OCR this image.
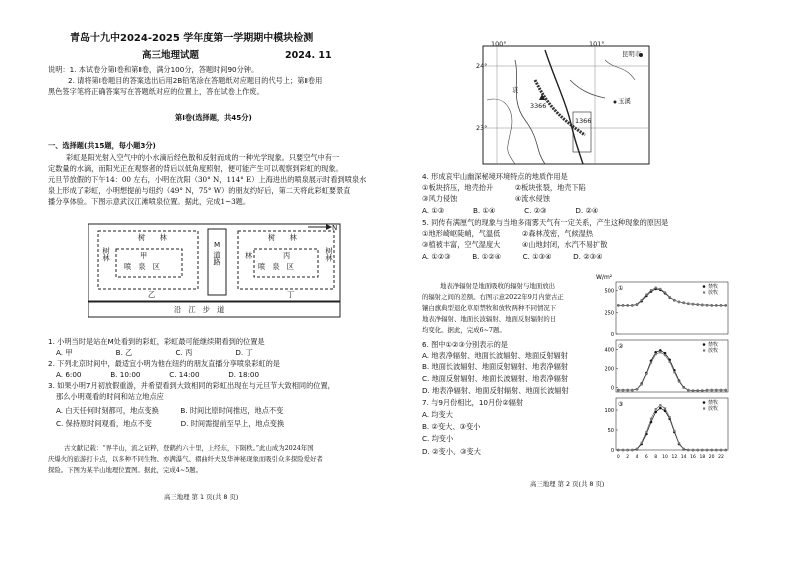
青岛十九中2024-2025 学年度第一学期期中模块检测
高三地理试题	2024. 11
说明：1. 本试卷分第Ⅰ卷和第Ⅱ卷，满分100分，答题时间90分钟。
2. 请将第Ⅰ卷题目的答案选出后用2B铅笔涂在答题纸对应题目的代号上；第Ⅱ卷用
黑色签字笔将正确答案写在答题纸对应的位置上，答在试卷上作废。
第Ⅰ卷(选择题，共45分)
一、选择题(共15题，每小题3分)
彩虹是阳光射入空气中的小水滴后经色散和反射而成的一种光学现象。只要空气中有一
定数量的水滴，而阳光正在观察者的背后以低角度照射，便可能产生可以观察到彩虹的现象。
元旦节放假的下午14：00 左右，小明在沈阳（30° N，114° E）上海进出的喷泉展示时看到喷泉水
泉上形成了彩虹，小明想提前与纽约（49° N，75° W）的朋友约好后，第二天将此彩虹要景直
播分享体验。下图示意武汉江滩喷泉位置。据此，完成1~3题。
N
树　　林
树林	甲
喷　泉　区
乙
M
道路
树　　林
林	树林
丙
喷　泉　区
丁
沿　江　步　道
1. 小明当时是站在M处看到的彩虹，彩虹最可能继续期看到的位置是
A. 甲　　　　　　B. 乙　　　　　　C. 丙　　　　　　D. 丁
2. 下列北京时间中，最适宜小明为他在纽约的朋友直播分享喷泉彩虹的是
A. 6:00　　　　B. 10:00　　　　C. 14:00　　　　D. 18:00
3. 如果小明7月初放假重游，并希望看到大致相同的彩虹出现在与元旦节大致相同的位置，
那么小明观看的时间和站立地点应
A. 白天任何时刻都可，地点变换　　　B. 时间比原时间推迟，地点不变
C. 保持原时间观看，地点不变　　　　D. 时间需提前至早上，地点变换
古文献记载：“界半山，流之证粹，登鹤约六十里，上经东，下陨秩。”此山成为2024年国
庆爆火的旅游打卡点，以多种不同生物、亦满瀑气、褶曲纤夫及华神秘现象而吸引众多探险爱好者
探险。下图为某半山地理位置图。据此，完成4~5题。
高三地理 第 1 页(共 8 页)
100°	101°
24°
23°
昆明市
3366
玉溪
1366
哀
4. 形成哀牢山幽深秘境环境特点的地质作用是
①板块挤压，地壳抬升　　　②板块张裂，地壳下陷
③风力侵蚀　　　　　　　　④流水侵蚀
A. ①③　　　　B. ①④　　　　C. ②③　　　　D. ②④
5. 同传有满厘气的现象与当地多雨雾天气有一定关系，产生这种现象的原因是
①地形崎岖陡峭，气温低　　　②森林茂密，气候湿热
③植被丰富，空气湿度大　　　④山地封闭，水汽不易扩散
A. ①②③　　　B. ①②④　　　C. ①③④　　　D. ②③④
地表净辐射是地面吸收的辐射与地面放出
的辐射之间的差额。右图示意2022年9月内蒙古正
镶白旗典型退化草原禁牧和放牧两种不同情况下
地表净辐射、地面长波辐射、地面反射辐射的日
均变化。据此，完成6~7题。
6. 图中①②③分别表示的是
A. 地表净辐射、地面长波辐射、地面反射辐射
B. 地面长波辐射、地面反射辐射、地表净辐射
C. 地面反射辐射、地面长波辐射、地表净辐射
D. 地表净辐射、地面反射辐射、地面长波辐射
7. 与9月份相比，10月份②辐射
A. 均变大
B. ②变大、③变小
C. 均变小
D. ②变小、③变大
W/m²
①
0
250
500
禁牧
放牧
②
0
200
400
禁牧
放牧
③
0
50
100
禁牧
放牧
0 2 4 6 8 10 12 14 16 18 20 22
高三地理 第 2 页(共 8 页)
